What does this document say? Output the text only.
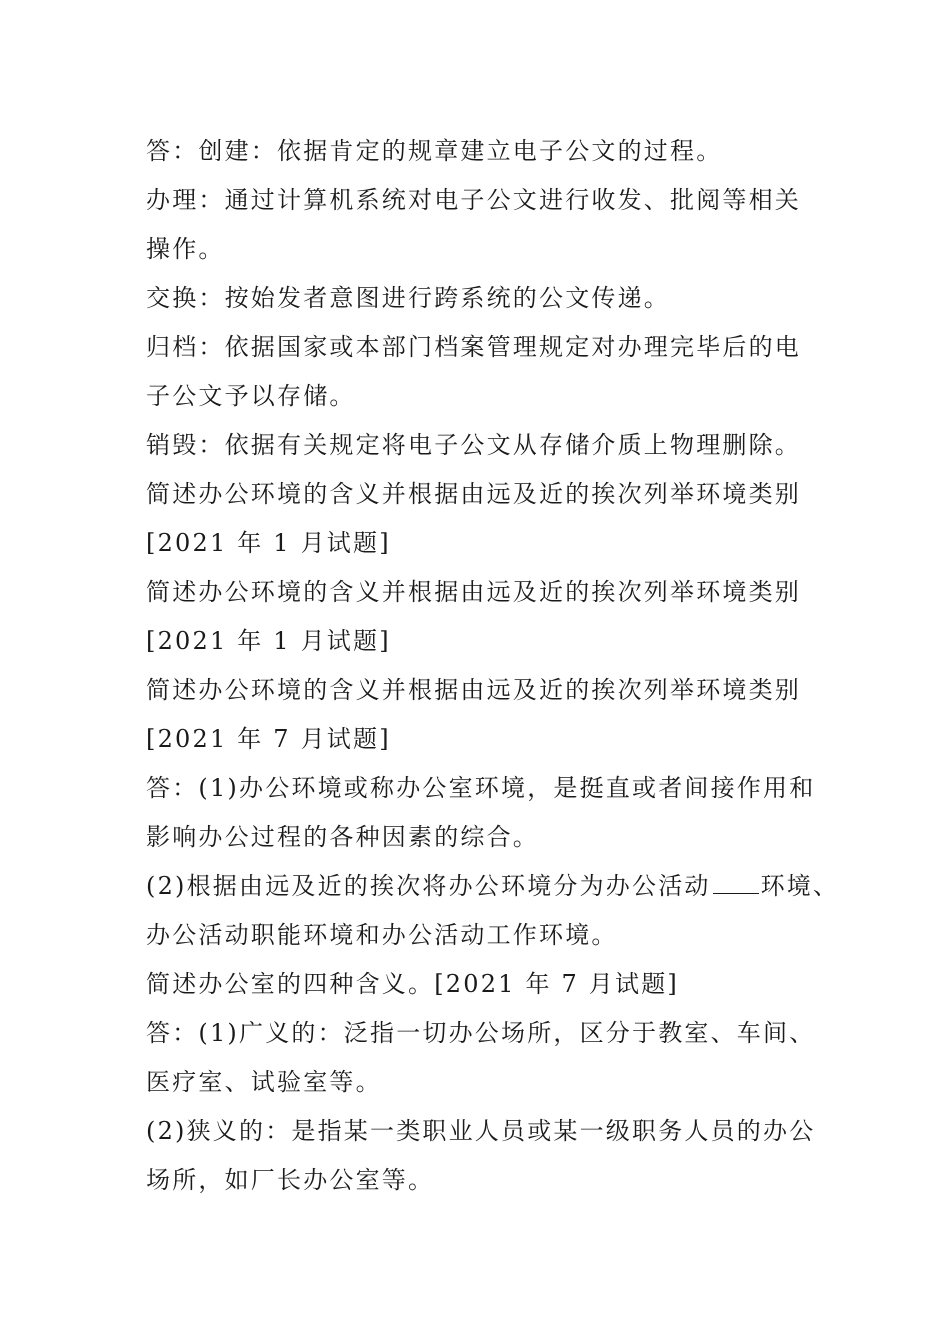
答：创建：依据肯定的规章建立电子公文的过程。
办理：通过计算机系统对电子公文进行收发、批阅等相关
操作。
交换：按始发者意图进行跨系统的公文传递。
归档：依据国家或本部门档案管理规定对办理完毕后的电
子公文予以存储。
销毁：依据有关规定将电子公文从存储介质上物理删除。
简述办公环境的含义并根据由远及近的挨次列举环境类别
[2021 年 1 月试题]
简述办公环境的含义并根据由远及近的挨次列举环境类别
[2021 年 1 月试题]
简述办公环境的含义并根据由远及近的挨次列举环境类别
[2021 年 7 月试题]
答：(1)办公环境或称办公室环境，是挺直或者间接作用和
影响办公过程的各种因素的综合。
(2)根据由远及近的挨次将办公环境分为办公活动 环境、
办公活动职能环境和办公活动工作环境。
简述办公室的四种含义。[2021 年 7 月试题]
答：(1)广义的：泛指一切办公场所，区分于教室、车间、
医疗室、试验室等。
(2)狭义的：是指某一类职业人员或某一级职务人员的办公
场所，如厂长办公室等。
